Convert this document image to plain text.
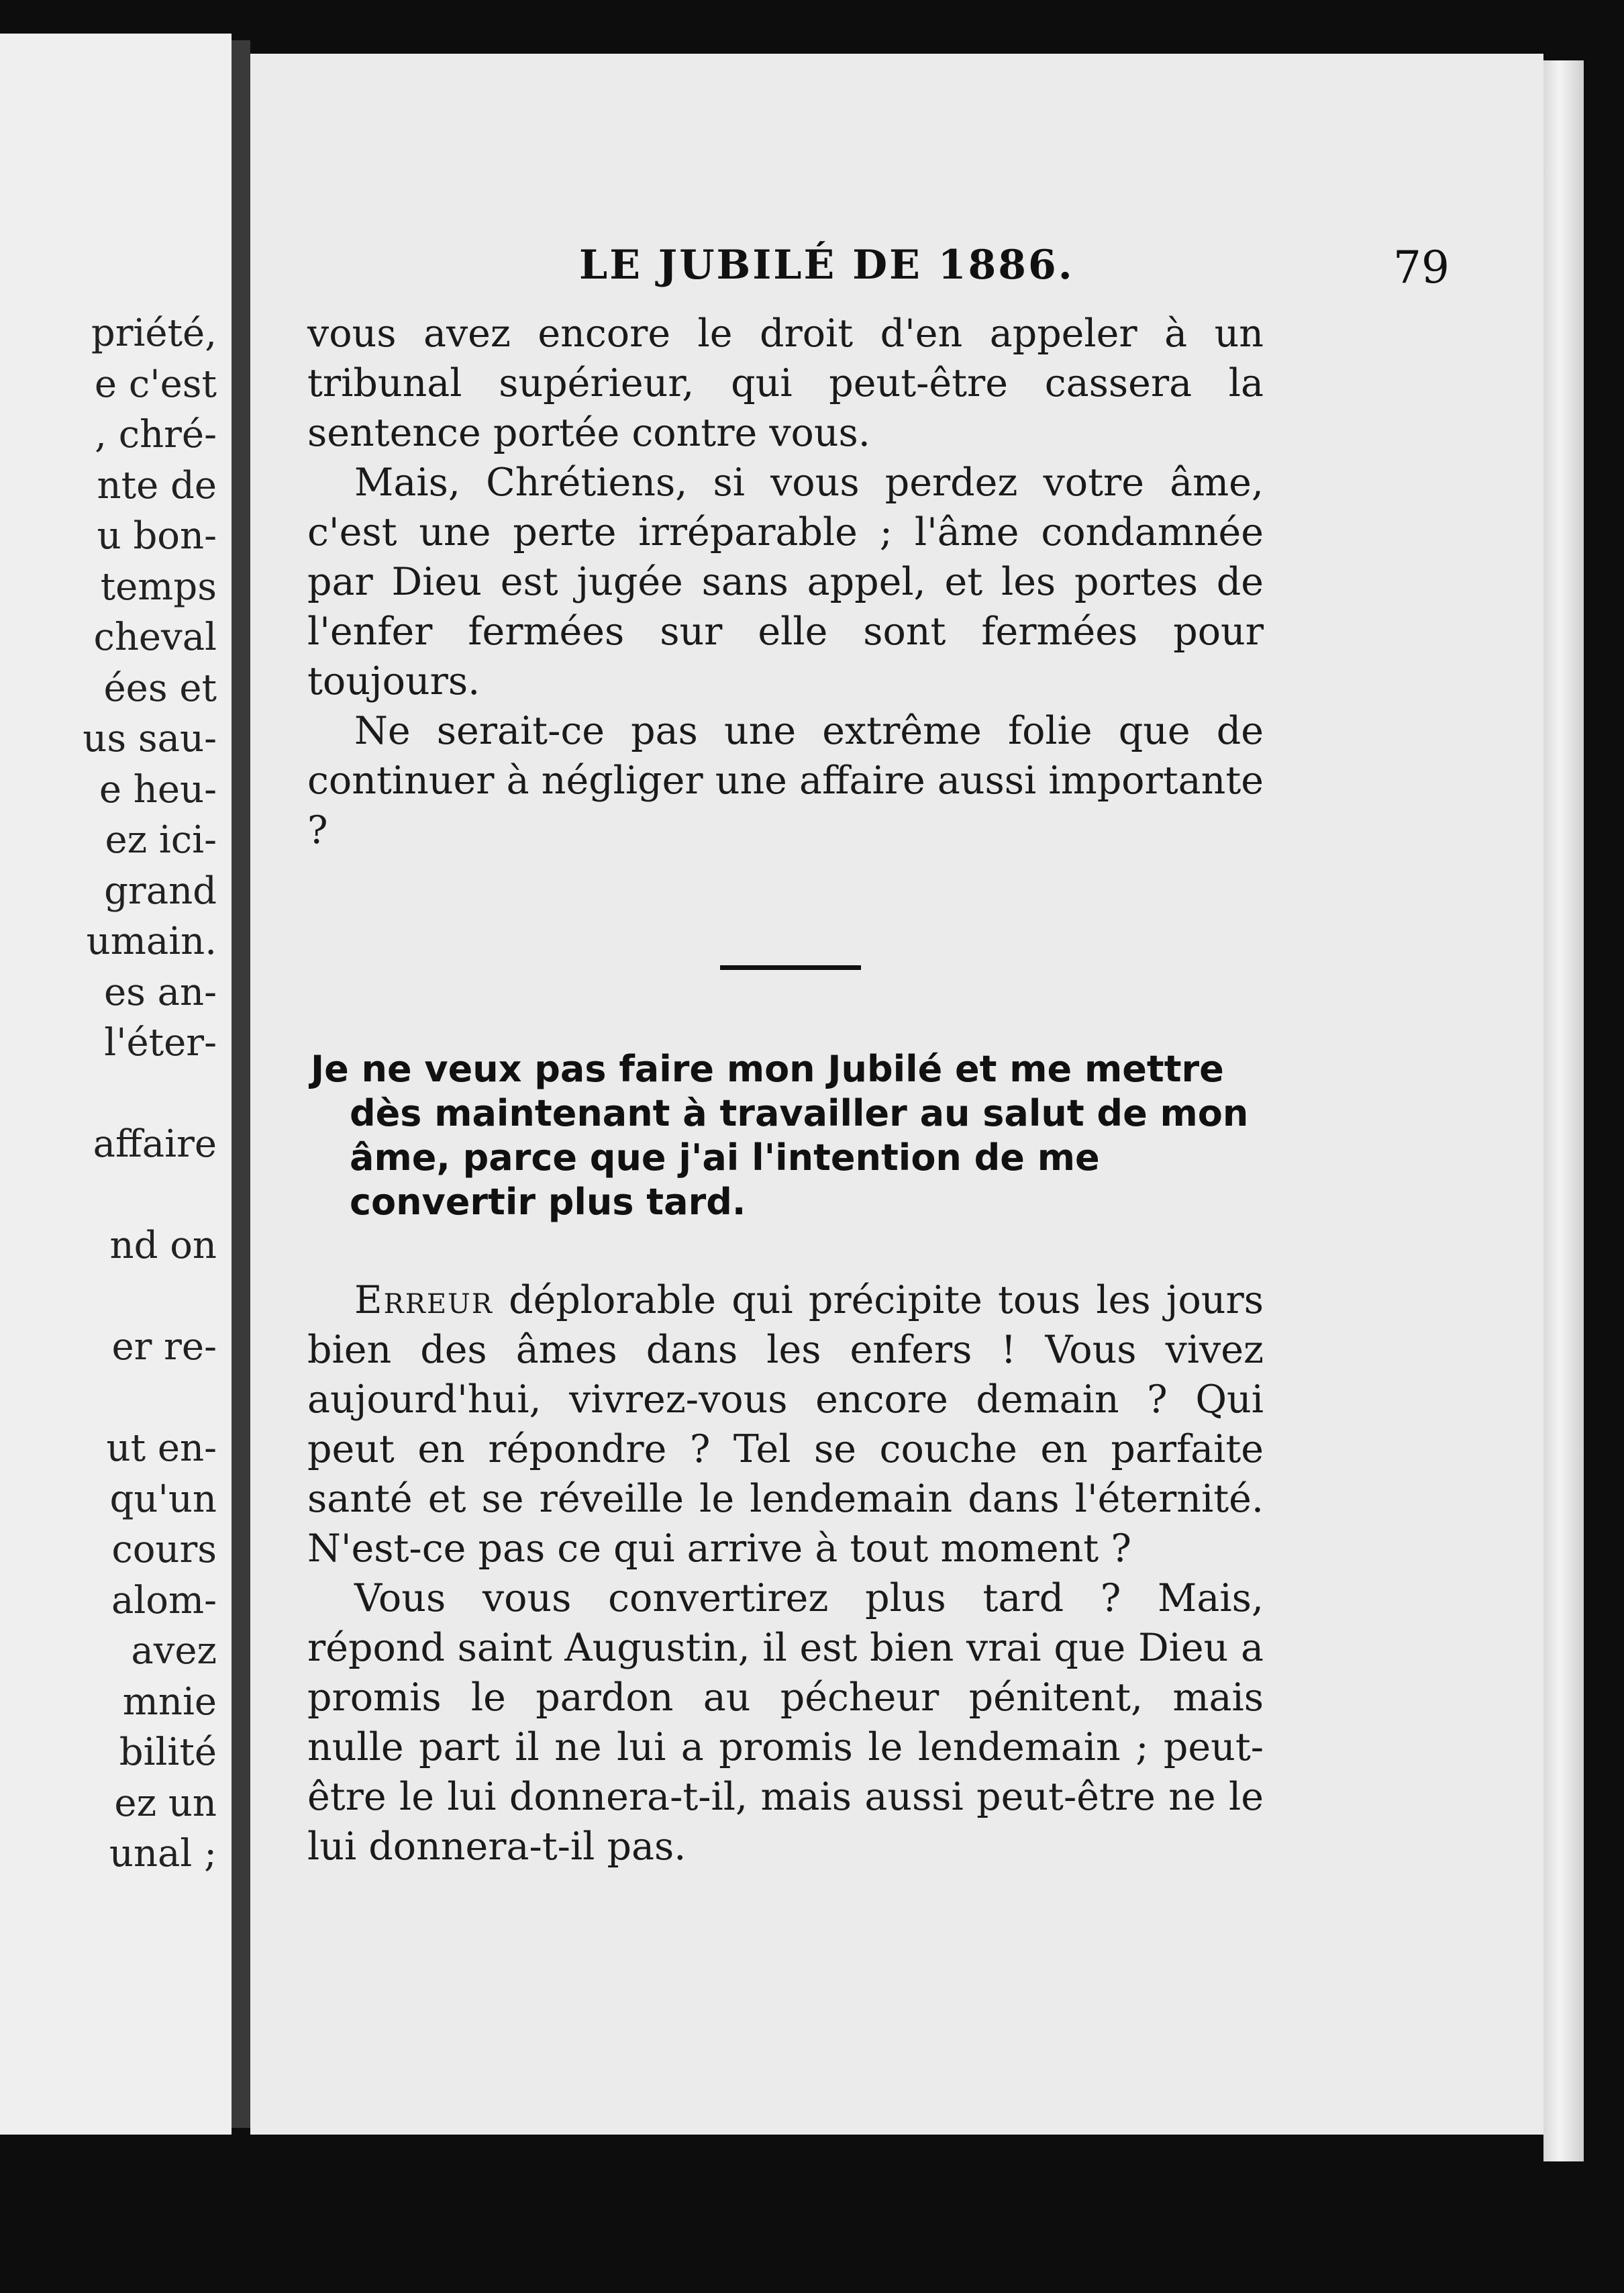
priété,
e c'est
, chré-
nte de
u bon-
temps
cheval
ées et
us sau-
e heu-
ez ici-
grand
umain.
es an-
l'éter-
affaire
nd on
er re-
ut en-
qu'un
cours
alom-
avez
mnie
bilité
ez un
unal ;
LE JUBILÉ DE 1886.	79

vous avez encore le droit d'en appeler à un tribunal supérieur, qui peut-être cassera la sentence portée contre vous.

Mais, Chrétiens, si vous perdez votre âme, c'est une perte irréparable ; l'âme condamnée par Dieu est jugée sans appel, et les portes de l'enfer fermées sur elle sont fermées pour toujours.

Ne serait-ce pas une extrême folie que de continuer à négliger une affaire aussi importante ?

Je ne veux pas faire mon Jubilé et me mettre dès maintenant à travailler au salut de mon âme, parce que j'ai l'intention de me convertir plus tard.

Erreur déplorable qui précipite tous les jours bien des âmes dans les enfers ! Vous vivez aujourd'hui, vivrez-vous encore demain ? Qui peut en répondre ? Tel se couche en parfaite santé et se réveille le lendemain dans l'éternité. N'est-ce pas ce qui arrive à tout moment ?

Vous vous convertirez plus tard ? Mais, répond saint Augustin, il est bien vrai que Dieu a promis le pardon au pécheur pénitent, mais nulle part il ne lui a promis le lendemain ; peut-être le lui donnera-t-il, mais aussi peut-être ne le lui donnera-t-il pas.
